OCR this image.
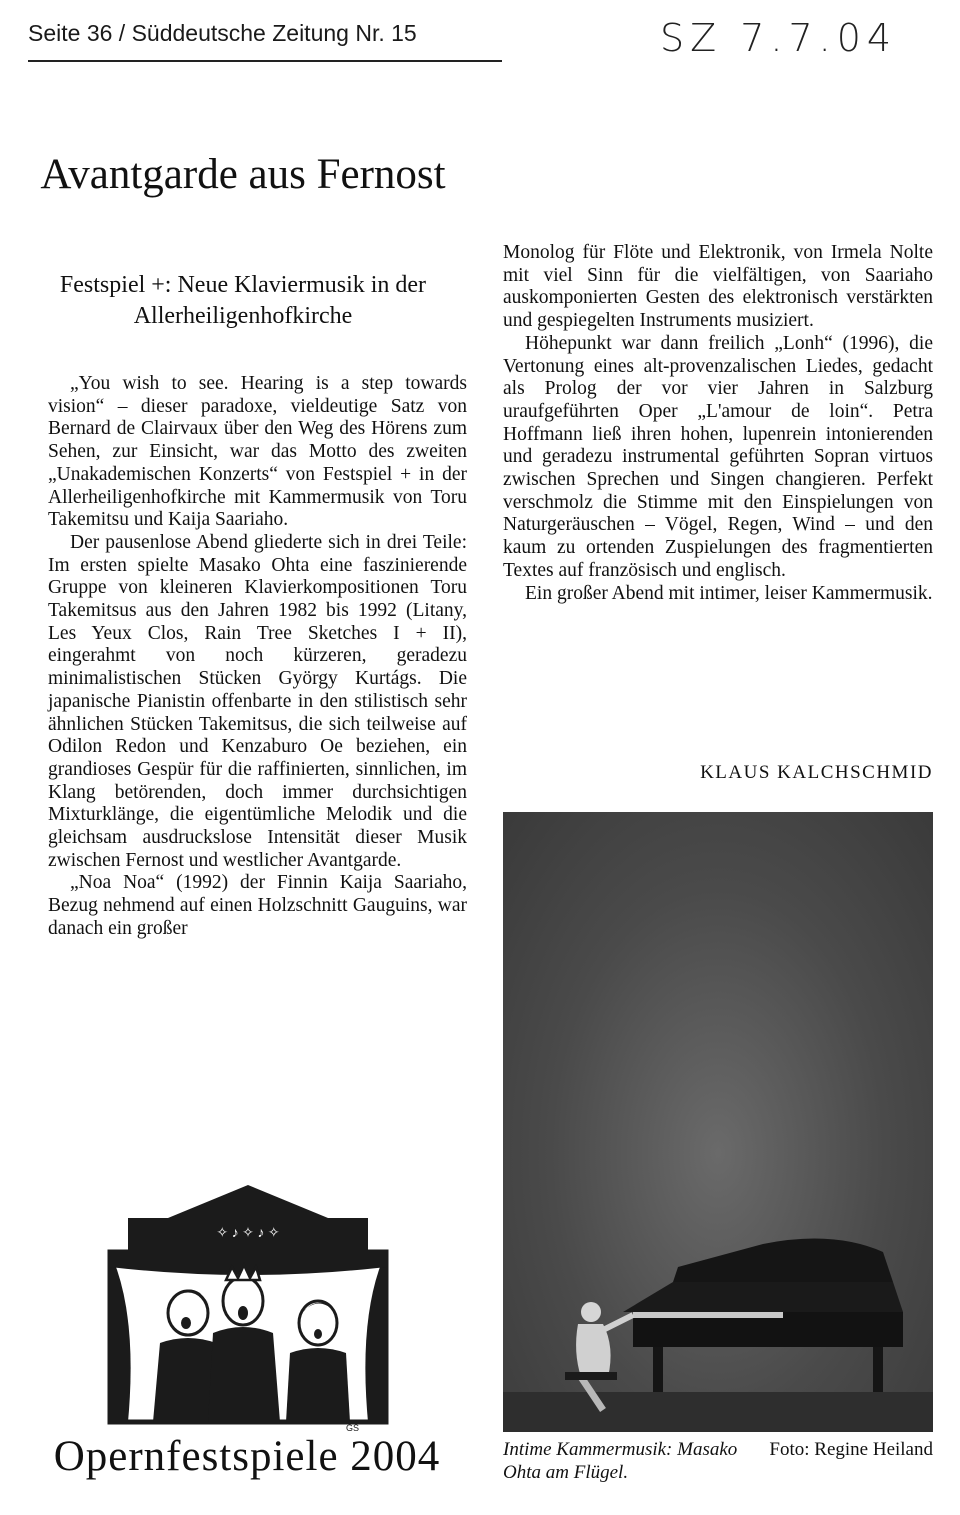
Seite 36 / Süddeutsche Zeitung Nr. 15	SZ 7.7.04
Avantgarde aus Fernost
Festspiel +: Neue Klaviermusik in der Allerheiligenhofkirche

„You wish to see. Hearing is a step towards vision“ – dieser paradoxe, vieldeutige Satz von Bernard de Clairvaux über den Weg des Hörens zum Sehen, zur Einsicht, war das Motto des zweiten „Unakademischen Konzerts“ von Festspiel + in der Allerheiligenhofkirche mit Kammermusik von Toru Takemitsu und Kaija Saariaho.

Der pausenlose Abend gliederte sich in drei Teile: Im ersten spielte Masako Ohta eine faszinierende Gruppe von kleineren Klavierkompositionen Toru Takemitsus aus den Jahren 1982 bis 1992 (Litany, Les Yeux Clos, Rain Tree Sketches I + II), eingerahmt von noch kürzeren, geradezu minimalistischen Stücken György Kurtágs. Die japanische Pianistin offenbarte in den stilistisch sehr ähnlichen Stücken Takemitsus, die sich teilweise auf Odilon Redon und Kenzaburo Oe beziehen, ein grandioses Gespür für die raffinierten, sinnlichen, im Klang betörenden, doch immer durchsichtigen Mixturklänge, die eigentümliche Melodik und die gleichsam ausdruckslose Intensität dieser Musik zwischen Fernost und westlicher Avantgarde.

„Noa Noa“ (1992) der Finnin Kaija Saariaho, Bezug nehmend auf einen Holzschnitt Gauguins, war danach ein großer

Monolog für Flöte und Elektronik, von Irmela Nolte mit viel Sinn für die vielfältigen, von Saariaho auskomponierten Gesten des elektronisch verstärkten und gespiegelten Instruments musiziert.

Höhepunkt war dann freilich „Lonh“ (1996), die Vertonung eines alt-provenzalischen Liedes, gedacht als Prolog der vor vier Jahren in Salzburg uraufgeführten Oper „L'amour de loin“. Petra Hoffmann ließ ihren hohen, lupenrein intonierenden und geradezu instrumental geführten Sopran virtuos zwischen Sprechen und Singen changieren. Perfekt verschmolz die Stimme mit den Einspielungen von Naturgeräuschen – Vögel, Regen, Wind – und den kaum zu ortenden Zuspielungen des fragmentierten Textes auf französisch und englisch.

Ein großer Abend mit intimer, leiser Kammermusik.

KLAUS KALCHSCHMID
Foto: Regine Heiland
Intime Kammermusik: Masako Ohta am Flügel.
✧ ♪ ✧ ♪ ✧
GS
Opernfestspiele 2004
